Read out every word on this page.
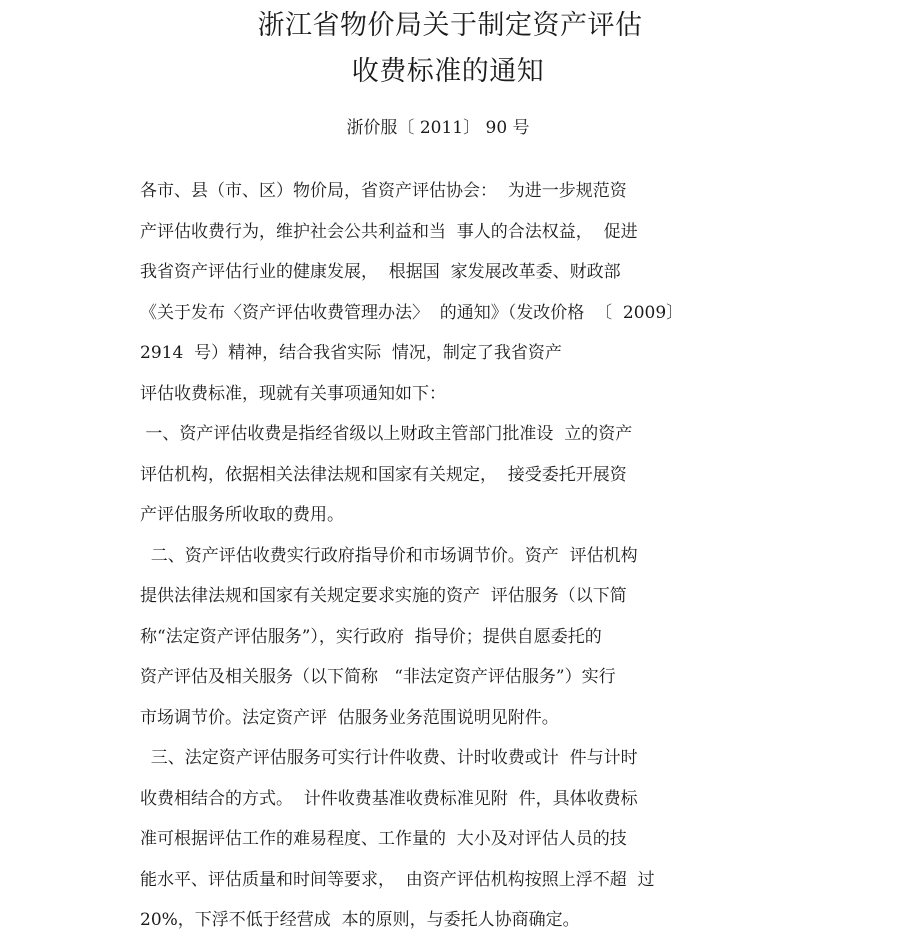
浙江省物价局关于制定资产评估
收费标准的通知
浙价服〔 2011〕 90 号
各市、县（市、区）物价局，省资产评估协会：  为进一步规范资
产评估收费行为，维护社会公共利益和当  事人的合法权益，  促进
我省资产评估行业的健康发展，  根据国  家发展改革委、财政部
《关于发布〈资产评估收费管理办法〉  的通知》（发改价格  〔  2009〕
2914  号）精神，结合我省实际  情况，制定了我省资产
评估收费标准，现就有关事项通知如下：
一、资产评估收费是指经省级以上财政主管部门批准设  立的资产
评估机构，依据相关法律法规和国家有关规定，  接受委托开展资
产评估服务所收取的费用。
二、资产评估收费实行政府指导价和市场调节价。资产  评估机构
提供法律法规和国家有关规定要求实施的资产  评估服务（以下简
称“法定资产评估服务”），实行政府  指导价；提供自愿委托的
资产评估及相关服务（以下简称   “非法定资产评估服务”）实行
市场调节价。法定资产评  估服务业务范围说明见附件。
三、法定资产评估服务可实行计件收费、计时收费或计  件与计时
收费相结合的方式。  计件收费基准收费标准见附  件，具体收费标
准可根据评估工作的难易程度、工作量的  大小及对评估人员的技
能水平、评估质量和时间等要求，  由资产评估机构按照上浮不超  过
20%，下浮不低于经营成  本的原则，与委托人协商确定。
